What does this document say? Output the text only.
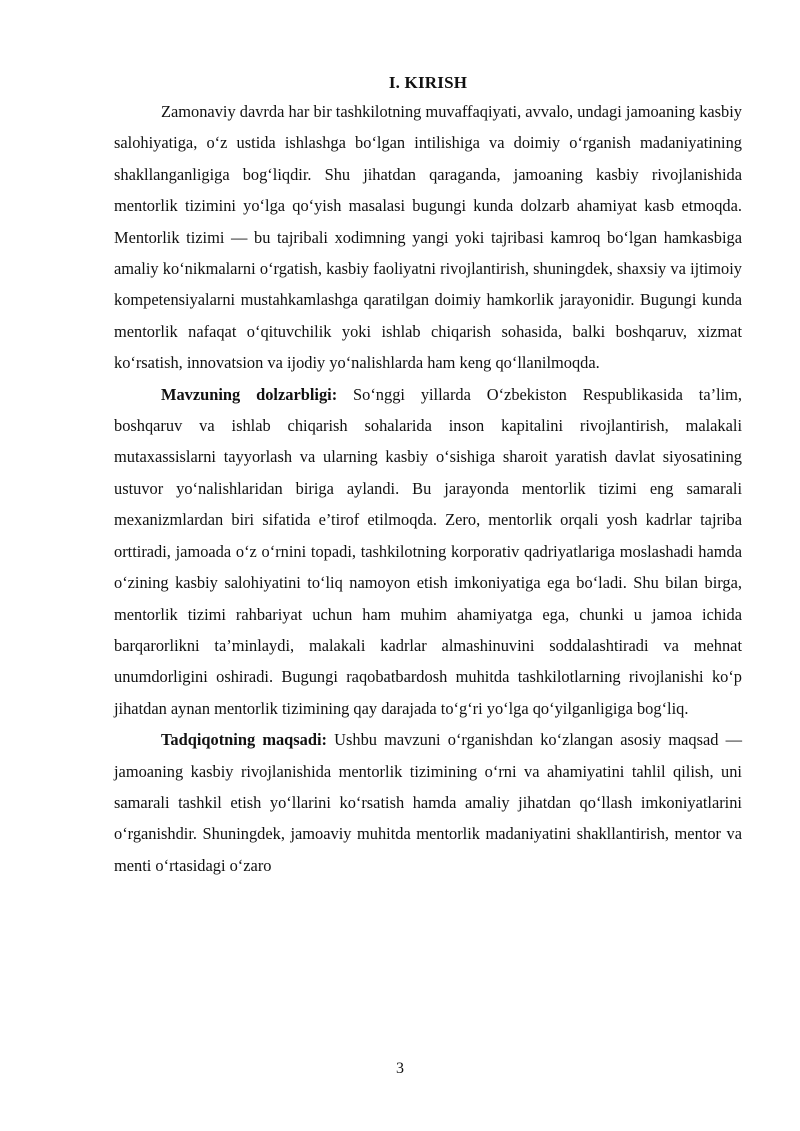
I. KIRISH

Zamonaviy davrda har bir tashkilotning muvaffaqiyati, avvalo, undagi jamoaning kasbiy salohiyatiga, o‘z ustida ishlashga bo‘lgan intilishiga va doimiy o‘rganish madaniyatining shakllanganligiga bog‘liqdir. Shu jihatdan qaraganda, jamoaning kasbiy rivojlanishida mentorlik tizimini yo‘lga qo‘yish masalasi bugungi kunda dolzarb ahamiyat kasb etmoqda. Mentorlik tizimi — bu tajribali xodimning yangi yoki tajribasi kamroq bo‘lgan hamkasbiga amaliy ko‘nikmalarni o‘rgatish, kasbiy faoliyatni rivojlantirish, shuningdek, shaxsiy va ijtimoiy kompetensiyalarni mustahkamlashga qaratilgan doimiy hamkorlik jarayonidir. Bugungi kunda mentorlik nafaqat o‘qituvchilik yoki ishlab chiqarish sohasida, balki boshqaruv, xizmat ko‘rsatish, innovatsion va ijodiy yo‘nalishlarda ham keng qo‘llanilmoqda.

Mavzuning dolzarbligi: So‘nggi yillarda O‘zbekiston Respublikasida ta’lim, boshqaruv va ishlab chiqarish sohalarida inson kapitalini rivojlantirish, malakali mutaxassislarni tayyorlash va ularning kasbiy o‘sishiga sharoit yaratish davlat siyosatining ustuvor yo‘nalishlaridan biriga aylandi. Bu jarayonda mentorlik tizimi eng samarali mexanizmlardan biri sifatida e’tirof etilmoqda. Zero, mentorlik orqali yosh kadrlar tajriba orttiradi, jamoada o‘z o‘rnini topadi, tashkilotning korporativ qadriyatlariga moslashadi hamda o‘zining kasbiy salohiyatini to‘liq namoyon etish imkoniyatiga ega bo‘ladi. Shu bilan birga, mentorlik tizimi rahbariyat uchun ham muhim ahamiyatga ega, chunki u jamoa ichida barqarorlikni ta’minlaydi, malakali kadrlar almashinuvini soddalashtiradi va mehnat unumdorligini oshiradi. Bugungi raqobatbardosh muhitda tashkilotlarning rivojlanishi ko‘p jihatdan aynan mentorlik tizimining qay darajada to‘g‘ri yo‘lga qo‘yilganligiga bog‘liq.

Tadqiqotning maqsadi: Ushbu mavzuni o‘rganishdan ko‘zlangan asosiy maqsad — jamoaning kasbiy rivojlanishida mentorlik tizimining o‘rni va ahamiyatini tahlil qilish, uni samarali tashkil etish yo‘llarini ko‘rsatish hamda amaliy jihatdan qo‘llash imkoniyatlarini o‘rganishdir. Shuningdek, jamoaviy muhitda mentorlik madaniyatini shakllantirish, mentor va menti o‘rtasidagi o‘zaro

3
